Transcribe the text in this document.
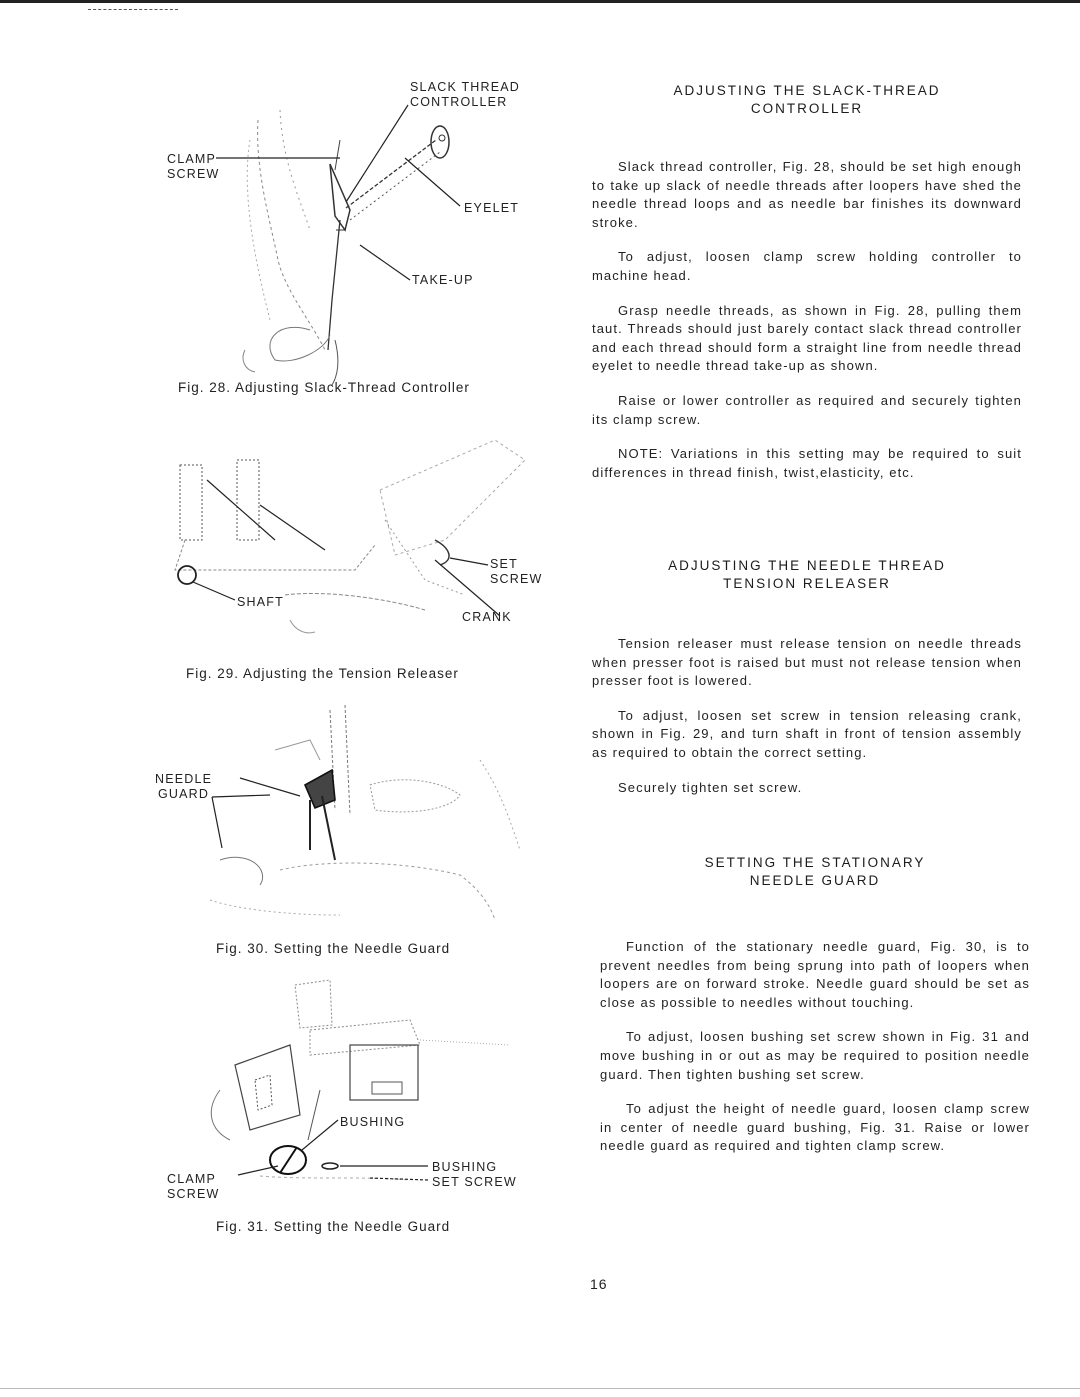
SLACK THREAD
CONTROLLER
CLAMP
SCREW
EYELET
TAKE-UP
Fig. 28. Adjusting Slack-Thread Controller
SET
SCREW
SHAFT
CRANK
Fig. 29. Adjusting the Tension Releaser
NEEDLE
GUARD
Fig. 30. Setting the Needle Guard
BUSHING
CLAMP
SCREW
BUSHING
SET SCREW
Fig. 31. Setting the Needle Guard
ADJUSTING THE SLACK-THREAD
CONTROLLER

Slack thread controller, Fig. 28, should be set high enough to take up slack of needle threads after loopers have shed the needle thread loops and as needle bar finishes its downward stroke.

To adjust, loosen clamp screw holding controller to machine head.

Grasp needle threads, as shown in Fig. 28, pulling them taut. Threads should just barely contact slack thread controller and each thread should form a straight line from needle thread eyelet to needle thread take-up as shown.

Raise or lower controller as required and securely tighten its clamp screw.

NOTE: Variations in this setting may be required to suit differences in thread finish, twist,elasticity, etc.

ADJUSTING THE NEEDLE THREAD
TENSION RELEASER

Tension releaser must release tension on needle threads when presser foot is raised but must not release tension when presser foot is lowered.

To adjust, loosen set screw in tension releasing crank, shown in Fig. 29, and turn shaft in front of tension assembly as required to obtain the correct setting.

Securely tighten set screw.

SETTING THE STATIONARY
NEEDLE GUARD

Function of the stationary needle guard, Fig. 30, is to prevent needles from being sprung into path of loopers when loopers are on forward stroke. Needle guard should be set as close as possible to needles without touching.

To adjust, loosen bushing set screw shown in Fig. 31 and move bushing in or out as may be required to position needle guard. Then tighten bushing set screw.

To adjust the height of needle guard, loosen clamp screw in center of needle guard bushing, Fig. 31. Raise or lower needle guard as required and tighten clamp screw.

16
